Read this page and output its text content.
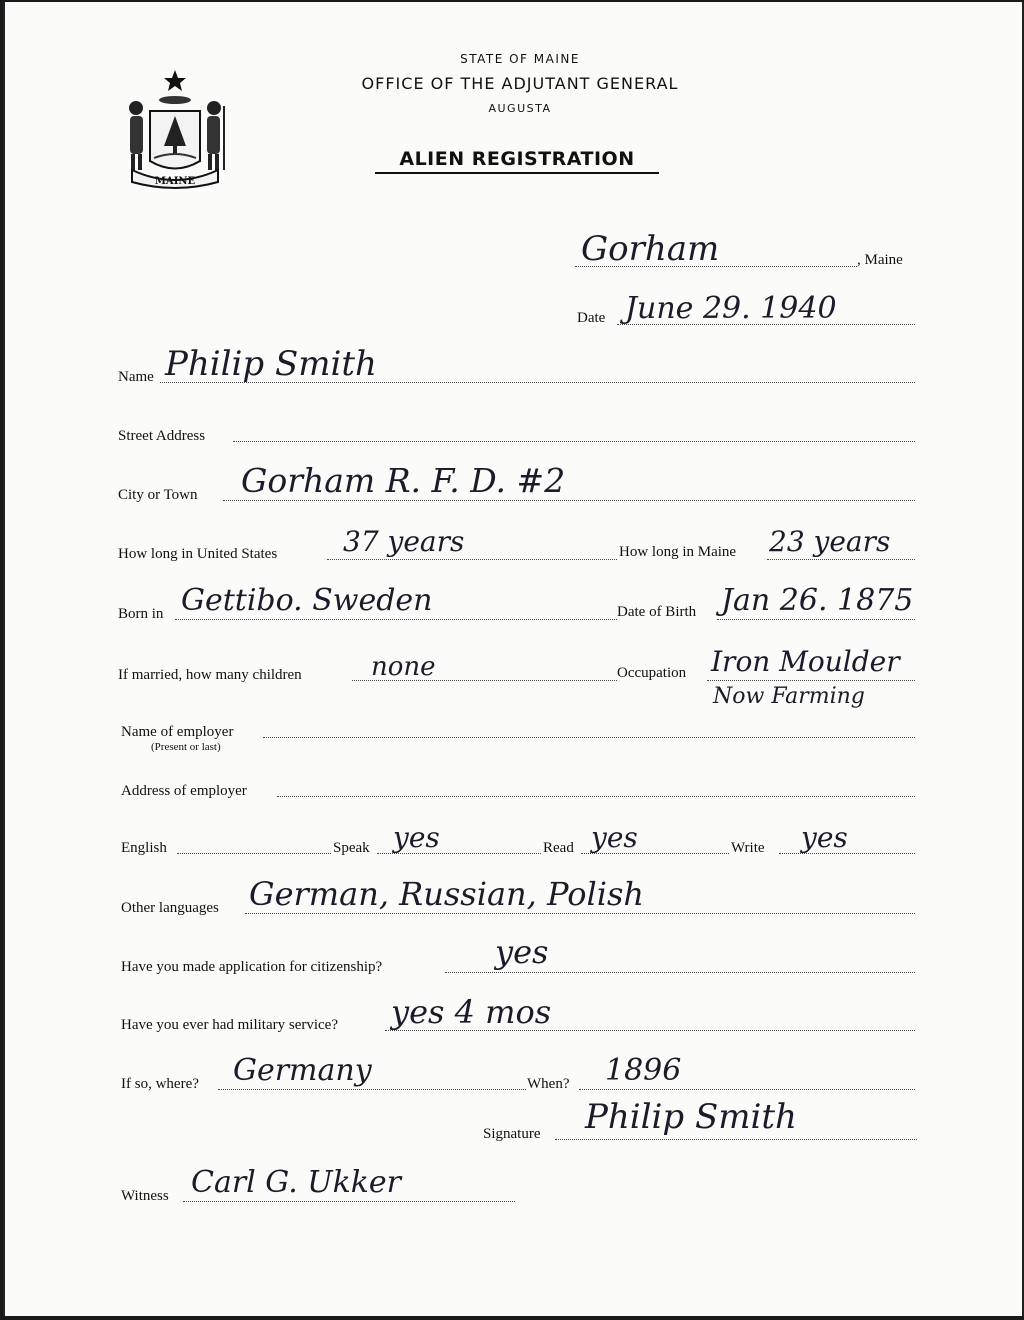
MAINE
STATE OF MAINE
OFFICE OF THE ADJUTANT GENERAL
AUGUSTA
ALIEN REGISTRATION
Gorham	, Maine
Date June 29. 1940
Name Philip Smith
Street Address
City or Town Gorham R. F. D. #2
How long in United States 37 years	How long in Maine 23 years
Born in Gettibo. Sweden	Date of Birth Jan 26. 1875
If married, how many children	none	Occupation Iron Moulder
Now Farming
Name of employer
(Present or last)
Address of employer
English	Speak yes	Read yes	Write yes
Other languages German, Russian, Polish
Have you made application for citizenship?	yes
Have you ever had military service? yes 4 mos
If so, where? Germany	When? 1896
Signature Philip Smith
Witness Carl G. Ukker
